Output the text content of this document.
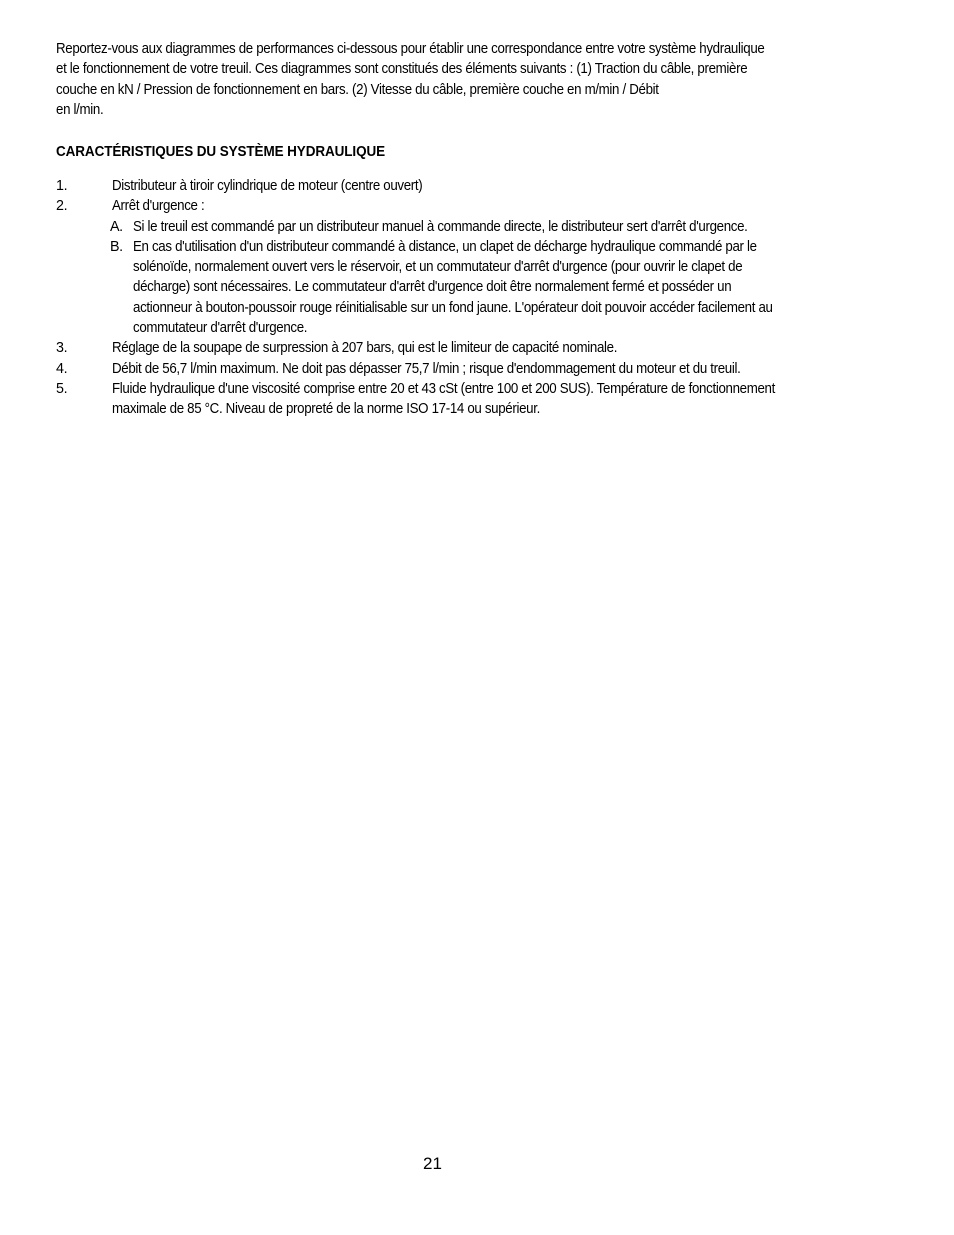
Reportez-vous aux diagrammes de performances ci-dessous pour établir une correspondance entre votre système hydraulique
et le fonctionnement de votre treuil. Ces diagrammes sont constitués des éléments suivants : (1) Traction du câble, première
couche en kN / Pression de fonctionnement en bars. (2) Vitesse du câble, première couche en m/min / Débit
en l/min.
CARACTÉRISTIQUES DU SYSTÈME HYDRAULIQUE
1.	Distributeur à tiroir cylindrique de moteur (centre ouvert)
2.	Arrêt d'urgence :
A. Si le treuil est commandé par un distributeur manuel à commande directe, le distributeur sert d'arrêt d'urgence.
B. En cas d'utilisation d'un distributeur commandé à distance, un clapet de décharge hydraulique commandé par le
solénoïde, normalement ouvert vers le réservoir, et un commutateur d'arrêt d'urgence (pour ouvrir le clapet de
décharge) sont nécessaires. Le commutateur d'arrêt d'urgence doit être normalement fermé et posséder un
actionneur à bouton-poussoir rouge réinitialisable sur un fond jaune. L'opérateur doit pouvoir accéder facilement au
commutateur d'arrêt d'urgence.
3.	Réglage de la soupape de surpression à 207 bars, qui est le limiteur de capacité nominale.
4.	Débit de 56,7 l/min maximum. Ne doit pas dépasser 75,7 l/min ; risque d'endommagement du moteur et du treuil.
5.	Fluide hydraulique d'une viscosité comprise entre 20 et 43 cSt (entre 100 et 200 SUS). Température de fonctionnement
maximale de 85 °C. Niveau de propreté de la norme ISO 17-14 ou supérieur.
21
